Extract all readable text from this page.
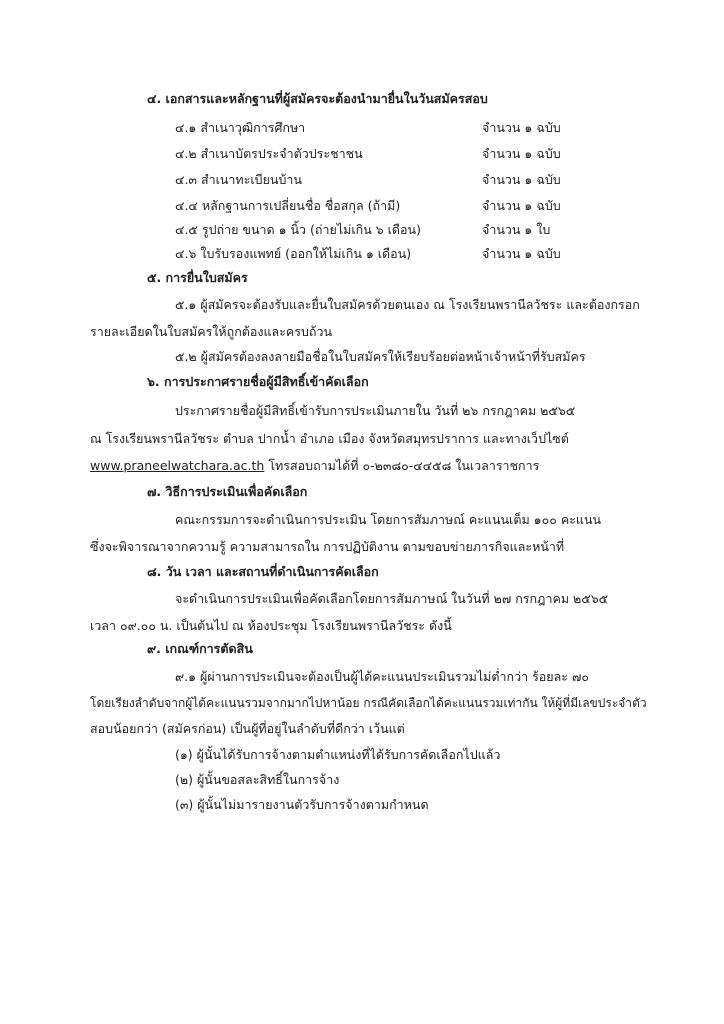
๔. เอกสารและหลักฐานที่ผู้สมัครจะต้องนำมายื่นในวันสมัครสอบ
๔.๑ สำเนาวุฒิการศึกษา	จำนวน ๑ ฉบับ
๔.๒ สำเนาบัตรประจำตัวประชาชน	จำนวน ๑ ฉบับ
๔.๓ สำเนาทะเบียนบ้าน	จำนวน ๑ ฉบับ
๔.๔ หลักฐานการเปลี่ยนชื่อ ชื่อสกุล (ถ้ามี)	จำนวน ๑ ฉบับ
๔.๕ รูปถ่าย ขนาด ๑ นิ้ว (ถ่ายไม่เกิน ๖ เดือน)	จำนวน ๑ ใบ
๔.๖ ใบรับรองแพทย์ (ออกให้ไม่เกิน ๑ เดือน)	จำนวน ๑ ฉบับ
๕. การยื่นใบสมัคร
๕.๑ ผู้สมัครจะต้องรับและยื่นใบสมัครด้วยตนเอง ณ โรงเรียนพรานีลวัชระ และต้องกรอก
รายละเอียดในใบสมัครให้ถูกต้องและครบถ้วน
๕.๒ ผู้สมัครต้องลงลายมือชื่อในใบสมัครให้เรียบร้อยต่อหน้าเจ้าหน้าที่รับสมัคร
๖. การประกาศรายชื่อผู้มีสิทธิ์เข้าคัดเลือก
ประกาศรายชื่อผู้มีสิทธิ์เข้ารับการประเมินภายใน วันที่ ๒๖ กรกฎาคม ๒๕๖๕
ณ โรงเรียนพรานีลวัชระ ตำบล ปากน้ำ อำเภอ เมือง จังหวัดสมุทรปราการ และทางเว็ปไซต์
www.praneelwatchara.ac.th โทรสอบถามได้ที่ ๐-๒๓๘๐-๔๔๕๘ ในเวลาราชการ
๗. วิธีการประเมินเพื่อคัดเลือก
คณะกรรมการจะดำเนินการประเมิน โดยการสัมภาษณ์ คะแนนเต็ม ๑๐๐ คะแนน
ซึ่งจะพิจารณาจากความรู้ ความสามารถใน การปฏิบัติงาน ตามขอบข่ายภารกิจและหน้าที่
๘. วัน เวลา และสถานที่ดำเนินการคัดเลือก
จะดำเนินการประเมินเพื่อคัดเลือกโดยการสัมภาษณ์ ในวันที่ ๒๗ กรกฎาคม ๒๕๖๕
เวลา ๐๙.๐๐ น. เป็นต้นไป ณ ห้องประชุม โรงเรียนพรานีลวัชระ ดังนี้
๙. เกณฑ์การตัดสิน
๙.๑ ผู้ผ่านการประเมินจะต้องเป็นผู้ได้คะแนนประเมินรวมไม่ต่ำกว่า ร้อยละ ๗๐
โดยเรียงลำดับจากผู้ได้คะแนนรวมจากมากไปหาน้อย กรณีคัดเลือกได้คะแนนรวมเท่ากัน ให้ผู้ที่มีเลขประจำตัว
สอบน้อยกว่า (สมัครก่อน) เป็นผู้ที่อยู่ในลำดับที่ดีกว่า เว้นแต่
(๑) ผู้นั้นได้รับการจ้างตามตำแหน่งที่ได้รับการคัดเลือกไปแล้ว
(๒) ผู้นั้นขอสละสิทธิ์ในการจ้าง
(๓) ผู้นั้นไม่มารายงานตัวรับการจ้างตามกำหนด
